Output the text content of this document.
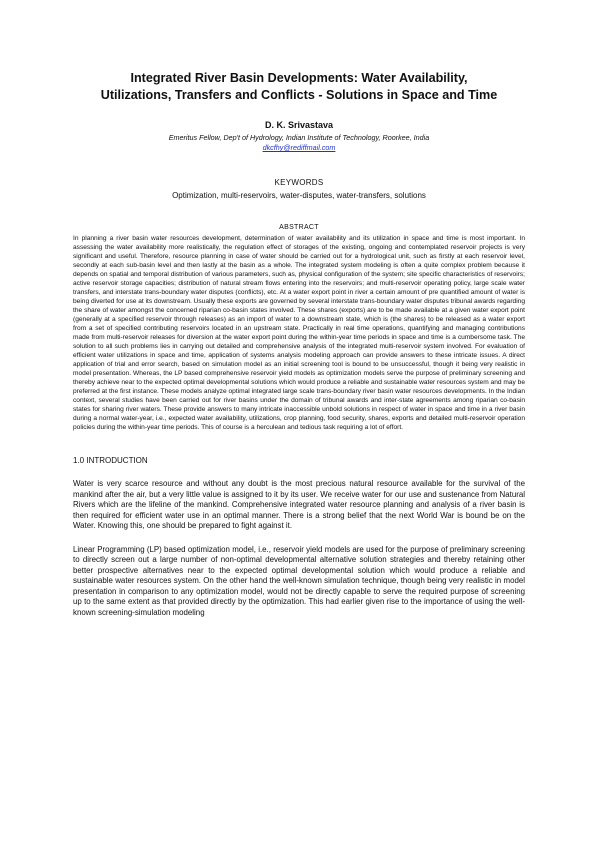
Integrated River Basin Developments: Water Availability,
Utilizations, Transfers and Conflicts - Solutions in Space and Time
D. K. Srivastava
Emeritus Fellow, Dep't of Hydrology, Indian Institute of Technology, Roorkee, India
dkcfhy@rediffmail.com
KEYWORDS
Optimization, multi-reservoirs, water-disputes, water-transfers, solutions
ABSTRACT
In planning a river basin water resources development, determination of water availability and its utilization in space and time is most important. In assessing the water availability more realistically, the regulation effect of storages of the existing, ongoing and contemplated reservoir projects is very significant and useful. Therefore, resource planning in case of water should be carried out for a hydrological unit, such as firstly at each reservoir level, secondly at each sub-basin level and then lastly at the basin as a whole. The integrated system modeling is often a quite complex problem because it depends on spatial and temporal distribution of various parameters, such as, physical configuration of the system; site specific characteristics of reservoirs; active reservoir storage capacities; distribution of natural stream flows entering into the reservoirs; and multi-reservoir operating policy, large scale water transfers, and interstate trans-boundary water disputes (conflicts), etc. At a water export point in river a certain amount of pre quantified amount of water is being diverted for use at its downstream. Usually these exports are governed by several interstate trans-boundary water disputes tribunal awards regarding the share of water amongst the concerned riparian co-basin states involved. These shares (exports) are to be made available at a given water export point (generally at a specified reservoir through releases) as an import of water to a downstream state, which is (the shares) to be released as a water export from a set of specified contributing reservoirs located in an upstream state. Practically in real time operations, quantifying and managing contributions made from multi-reservoir releases for diversion at the water export point during the within-year time periods in space and time is a cumbersome task. The solution to all such problems lies in carrying out detailed and comprehensive analysis of the integrated multi-reservoir system involved. For evaluation of efficient water utilizations in space and time, application of systems analysis modeling approach can provide answers to these intricate issues. A direct application of trial and error search, based on simulation model as an initial screening tool is bound to be unsuccessful, though it being very realistic in model presentation. Whereas, the LP based comprehensive reservoir yield models as optimization models serve the purpose of preliminary screening and thereby achieve near to the expected optimal developmental solutions which would produce a reliable and sustainable water resources system and may be preferred at the first instance. These models analyze optimal integrated large scale trans-boundary river basin water resources developments. In the Indian context, several studies have been carried out for river basins under the domain of tribunal awards and inter-state agreements among riparian co-basin states for sharing river waters. These provide answers to many intricate inaccessible unbold solutions in respect of water in space and time in a river basin during a normal water-year, i.e., expected water availability, utilizations, crop planning, food security, shares, exports and detailed multi-reservoir operation policies during the within-year time periods. This of course is a herculean and tedious task requiring a lot of effort.
1.0 INTRODUCTION
Water is very scarce resource and without any doubt is the most precious natural resource available for the survival of the mankind after the air, but a very little value is assigned to it by its user. We receive water for our use and sustenance from Natural Rivers which are the lifeline of the mankind. Comprehensive integrated water resource planning and analysis of a river basin is then required for efficient water use in an optimal manner. There is a strong belief that the next World War is bound be on the Water. Knowing this, one should be prepared to fight against it.
Linear Programming (LP) based optimization model, i.e., reservoir yield models are used for the purpose of preliminary screening to directly screen out a large number of non-optimal developmental alternative solution strategies and thereby retaining other better prospective alternatives near to the expected optimal developmental solution which would produce a reliable and sustainable water resources system. On the other hand the well-known simulation technique, though being very realistic in model presentation in comparison to any optimization model, would not be directly capable to serve the required purpose of screening up to the same extent as that provided directly by the optimization. This had earlier given rise to the importance of using the well-known screening-simulation modeling
